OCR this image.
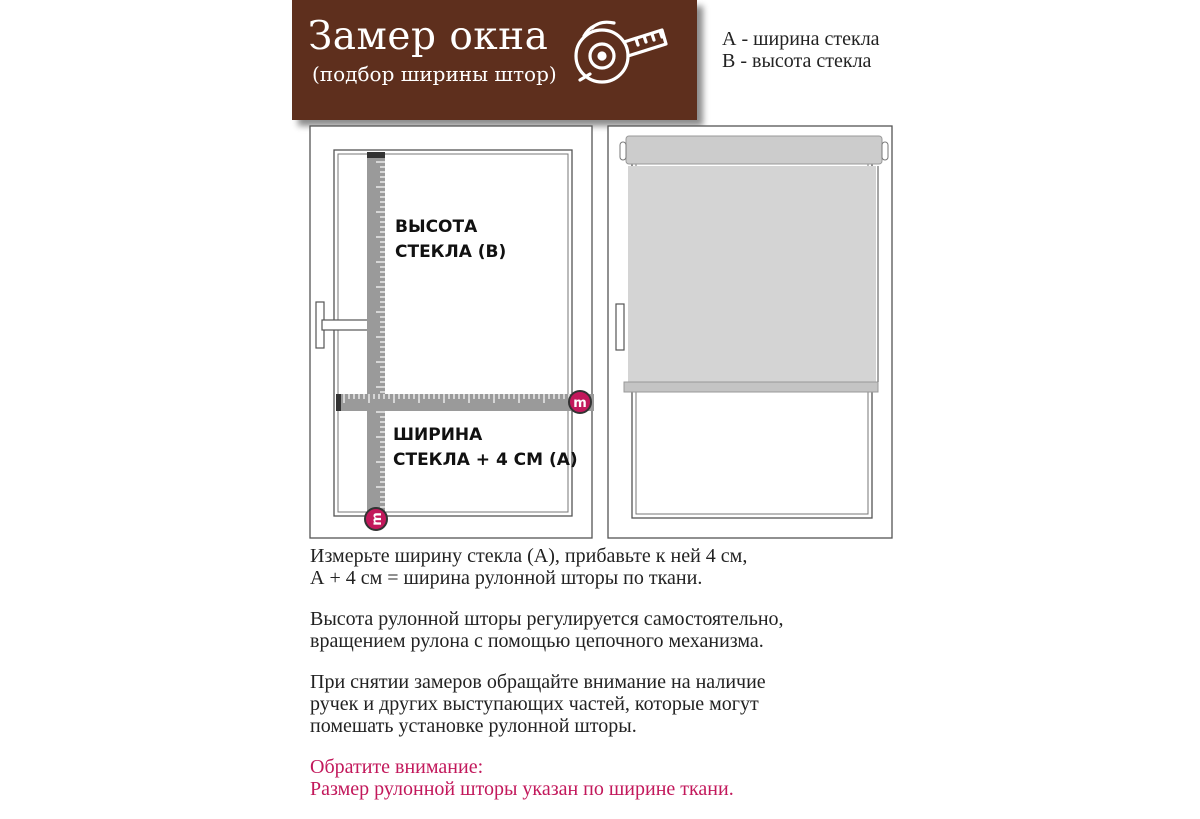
Замер окна
(подбор ширины штор)
А - ширина стекла
В - высота стекла
m
m
ВЫСОТА
СТЕКЛА (В)
ШИРИНА
СТЕКЛА + 4 СМ (А)

Измерьте ширину стекла (А), прибавьте к ней 4 см,
А + 4 см = ширина рулонной шторы по ткани.

Высота рулонной шторы регулируется самостоятельно,
вращением рулона с помощью цепочного механизма.

При снятии замеров обращайте внимание на наличие
ручек и других выступающих частей, которые могут
помешать установке рулонной шторы.

Обратите внимание:
Размер рулонной шторы указан по ширине ткани.
